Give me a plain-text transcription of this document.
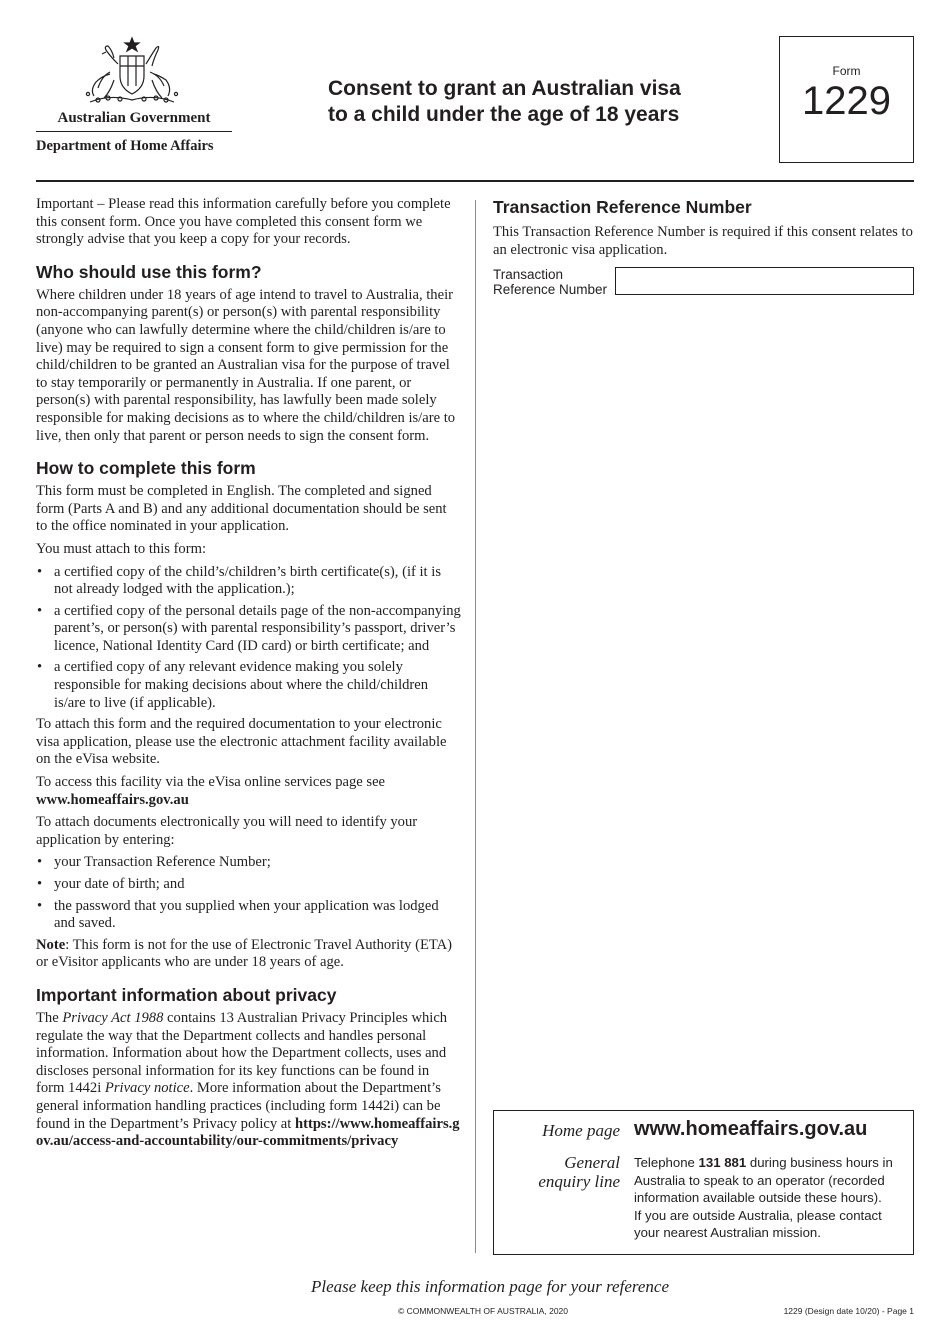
Australian Government
Department of Home Affairs
Consent to grant an Australian visa
to a child under the age of 18 years
Form
1229

Important – Please read this information carefully before you complete this consent form. Once you have completed this consent form we strongly advise that you keep a copy for your records.

Who should use this form?

Where children under 18 years of age intend to travel to Australia, their non-accompanying parent(s) or person(s) with parental responsibility (anyone who can lawfully determine where the child/children is/are to live) may be required to sign a consent form to give permission for the child/children to be granted an Australian visa for the purpose of travel to stay temporarily or permanently in Australia. If one parent, or person(s) with parental responsibility, has lawfully been made solely responsible for making decisions as to where the child/children is/are to live, then only that parent or person needs to sign the consent form.

How to complete this form

This form must be completed in English. The completed and signed form (Parts A and B) and any additional documentation should be sent to the office nominated in your application.

You must attach to this form:

• a certified copy of the child’s/children’s birth certificate(s), (if it is not already lodged with the application.);
• a certified copy of the personal details page of the non-accompanying parent’s, or person(s) with parental responsibility’s passport, driver’s licence, National Identity Card (ID card) or birth certificate; and
• a certified copy of any relevant evidence making you solely responsible for making decisions about where the child/children is/are to live (if applicable).

To attach this form and the required documentation to your electronic visa application, please use the electronic attachment facility available on the eVisa website.

To access this facility via the eVisa online services page see
www.homeaffairs.gov.au

To attach documents electronically you will need to identify your application by entering:

• your Transaction Reference Number;
• your date of birth; and
• the password that you supplied when your application was lodged and saved.

Note: This form is not for the use of Electronic Travel Authority (ETA) or eVisitor applicants who are under 18 years of age.

Important information about privacy

The Privacy Act 1988 contains 13 Australian Privacy Principles which regulate the way that the Department collects and handles personal information. Information about how the Department collects, uses and discloses personal information for its key functions can be found in form 1442i Privacy notice. More information about the Department’s general information handling practices (including form 1442i) can be found in the Department’s Privacy policy at https://www.homeaffairs.gov.au/access-and-accountability/our-commitments/privacy

Transaction Reference Number

This Transaction Reference Number is required if this consent relates to an electronic visa application.

Transaction
Reference Number
Home page www.homeaffairs.gov.au
General
enquiry line
Telephone 131 881 during business hours in Australia to speak to an operator (recorded information available outside these hours).
If you are outside Australia, please contact your nearest Australian mission.
Please keep this information page for your reference
© COMMONWEALTH OF AUSTRALIA, 2020	1229 (Design date 10/20) - Page 1
